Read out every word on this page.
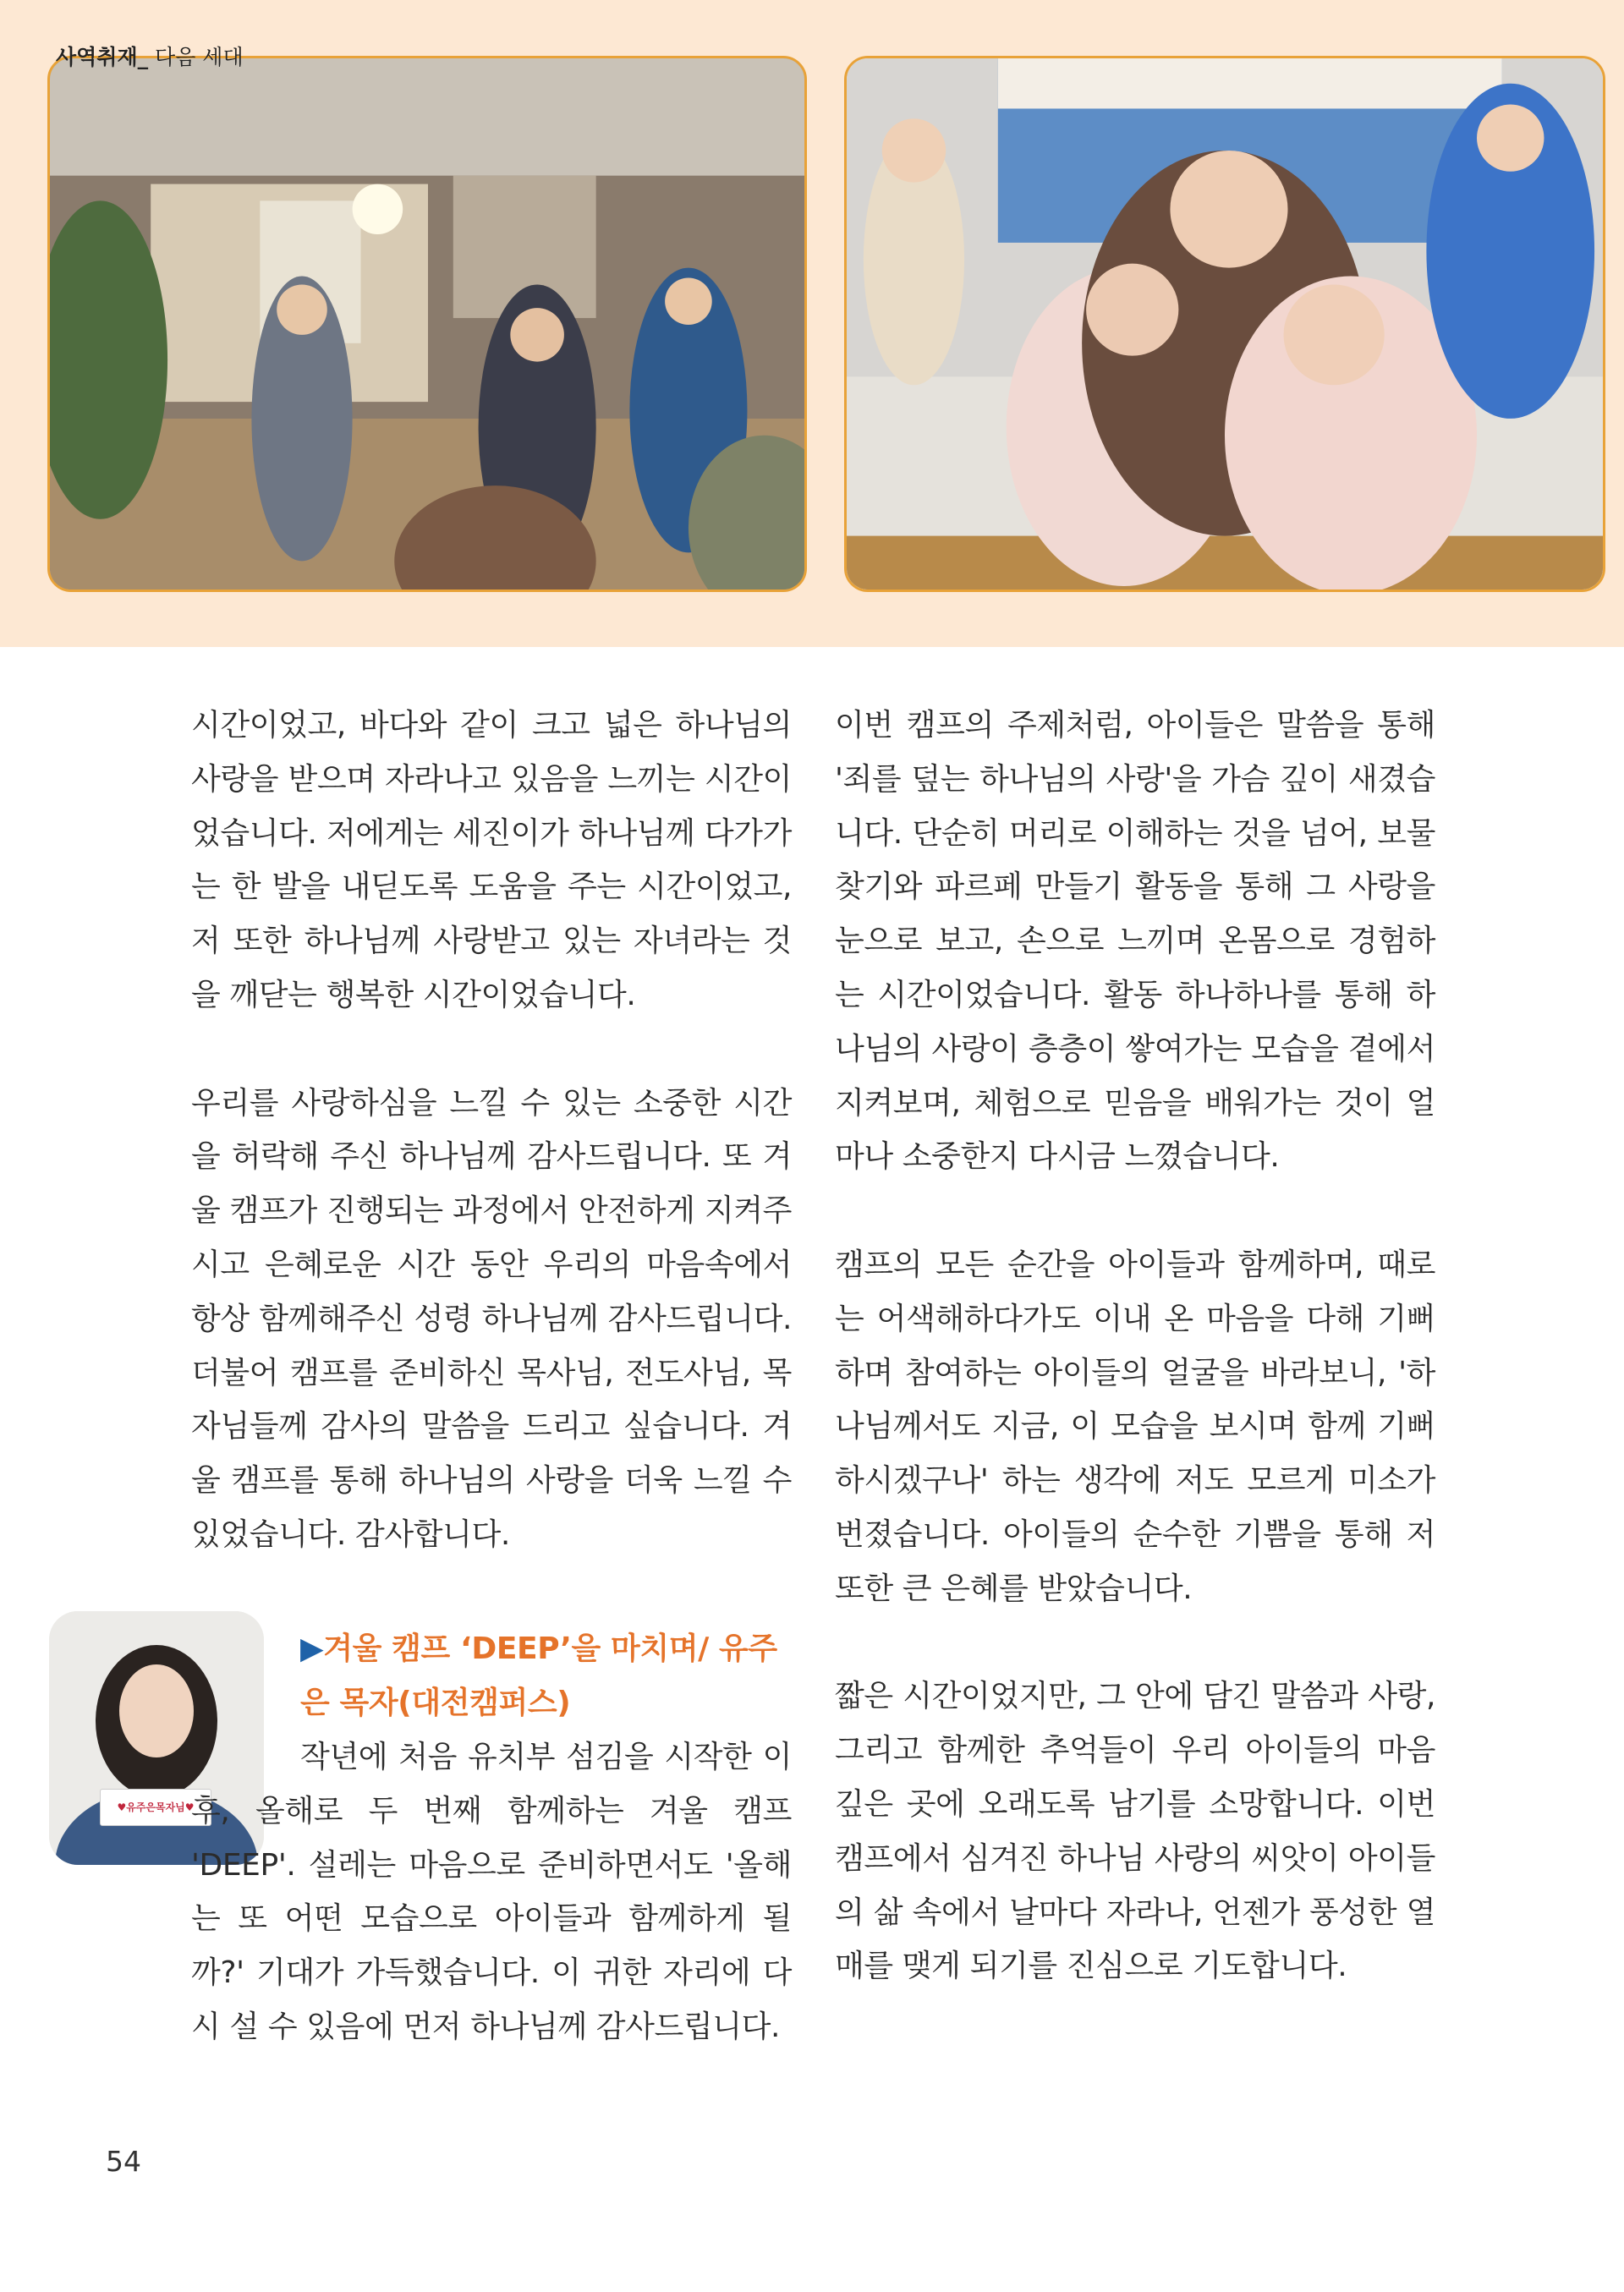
사역취재_ 다음 세대

시간이었고, 바다와 같이 크고 넓은 하나님의 사랑을 받으며 자라나고 있음을 느끼는 시간이었습니다. 저에게는 세진이가 하나님께 다가가는 한 발을 내딛도록 도움을 주는 시간이었고, 저 또한 하나님께 사랑받고 있는 자녀라는 것을 깨닫는 행복한 시간이었습니다.

우리를 사랑하심을 느낄 수 있는 소중한 시간을 허락해 주신 하나님께 감사드립니다. 또 겨울 캠프가 진행되는 과정에서 안전하게 지켜주시고 은혜로운 시간 동안 우리의 마음속에서 항상 함께해주신 성령 하나님께 감사드립니다. 더불어 캠프를 준비하신 목사님, 전도사님, 목자님들께 감사의 말씀을 드리고 싶습니다. 겨울 캠프를 통해 하나님의 사랑을 더욱 느낄 수 있었습니다. 감사합니다.

♥유주은목자님♥
▶겨울 캠프 ‘DEEP’을 마치며/ 유주은 목자(대전캠퍼스)
작년에 처음 유치부 섬김을 시작한 이후, 올해로 두 번째 함께하는 겨울 캠프 'DEEP'. 설레는 마음으로 준비하면서도 '올해는 또 어떤 모습으로 아이들과 함께하게 될까?' 기대가 가득했습니다. 이 귀한 자리에 다시 설 수 있음에 먼저 하나님께 감사드립니다.

이번 캠프의 주제처럼, 아이들은 말씀을 통해 '죄를 덮는 하나님의 사랑'을 가슴 깊이 새겼습니다. 단순히 머리로 이해하는 것을 넘어, 보물찾기와 파르페 만들기 활동을 통해 그 사랑을 눈으로 보고, 손으로 느끼며 온몸으로 경험하는 시간이었습니다. 활동 하나하나를 통해 하나님의 사랑이 층층이 쌓여가는 모습을 곁에서 지켜보며, 체험으로 믿음을 배워가는 것이 얼마나 소중한지 다시금 느꼈습니다.

캠프의 모든 순간을 아이들과 함께하며, 때로는 어색해하다가도 이내 온 마음을 다해 기뻐하며 참여하는 아이들의 얼굴을 바라보니, '하나님께서도 지금, 이 모습을 보시며 함께 기뻐하시겠구나' 하는 생각에 저도 모르게 미소가 번졌습니다. 아이들의 순수한 기쁨을 통해 저 또한 큰 은혜를 받았습니다.

짧은 시간이었지만, 그 안에 담긴 말씀과 사랑, 그리고 함께한 추억들이 우리 아이들의 마음 깊은 곳에 오래도록 남기를 소망합니다. 이번 캠프에서 심겨진 하나님 사랑의 씨앗이 아이들의 삶 속에서 날마다 자라나, 언젠가 풍성한 열매를 맺게 되기를 진심으로 기도합니다.

54
